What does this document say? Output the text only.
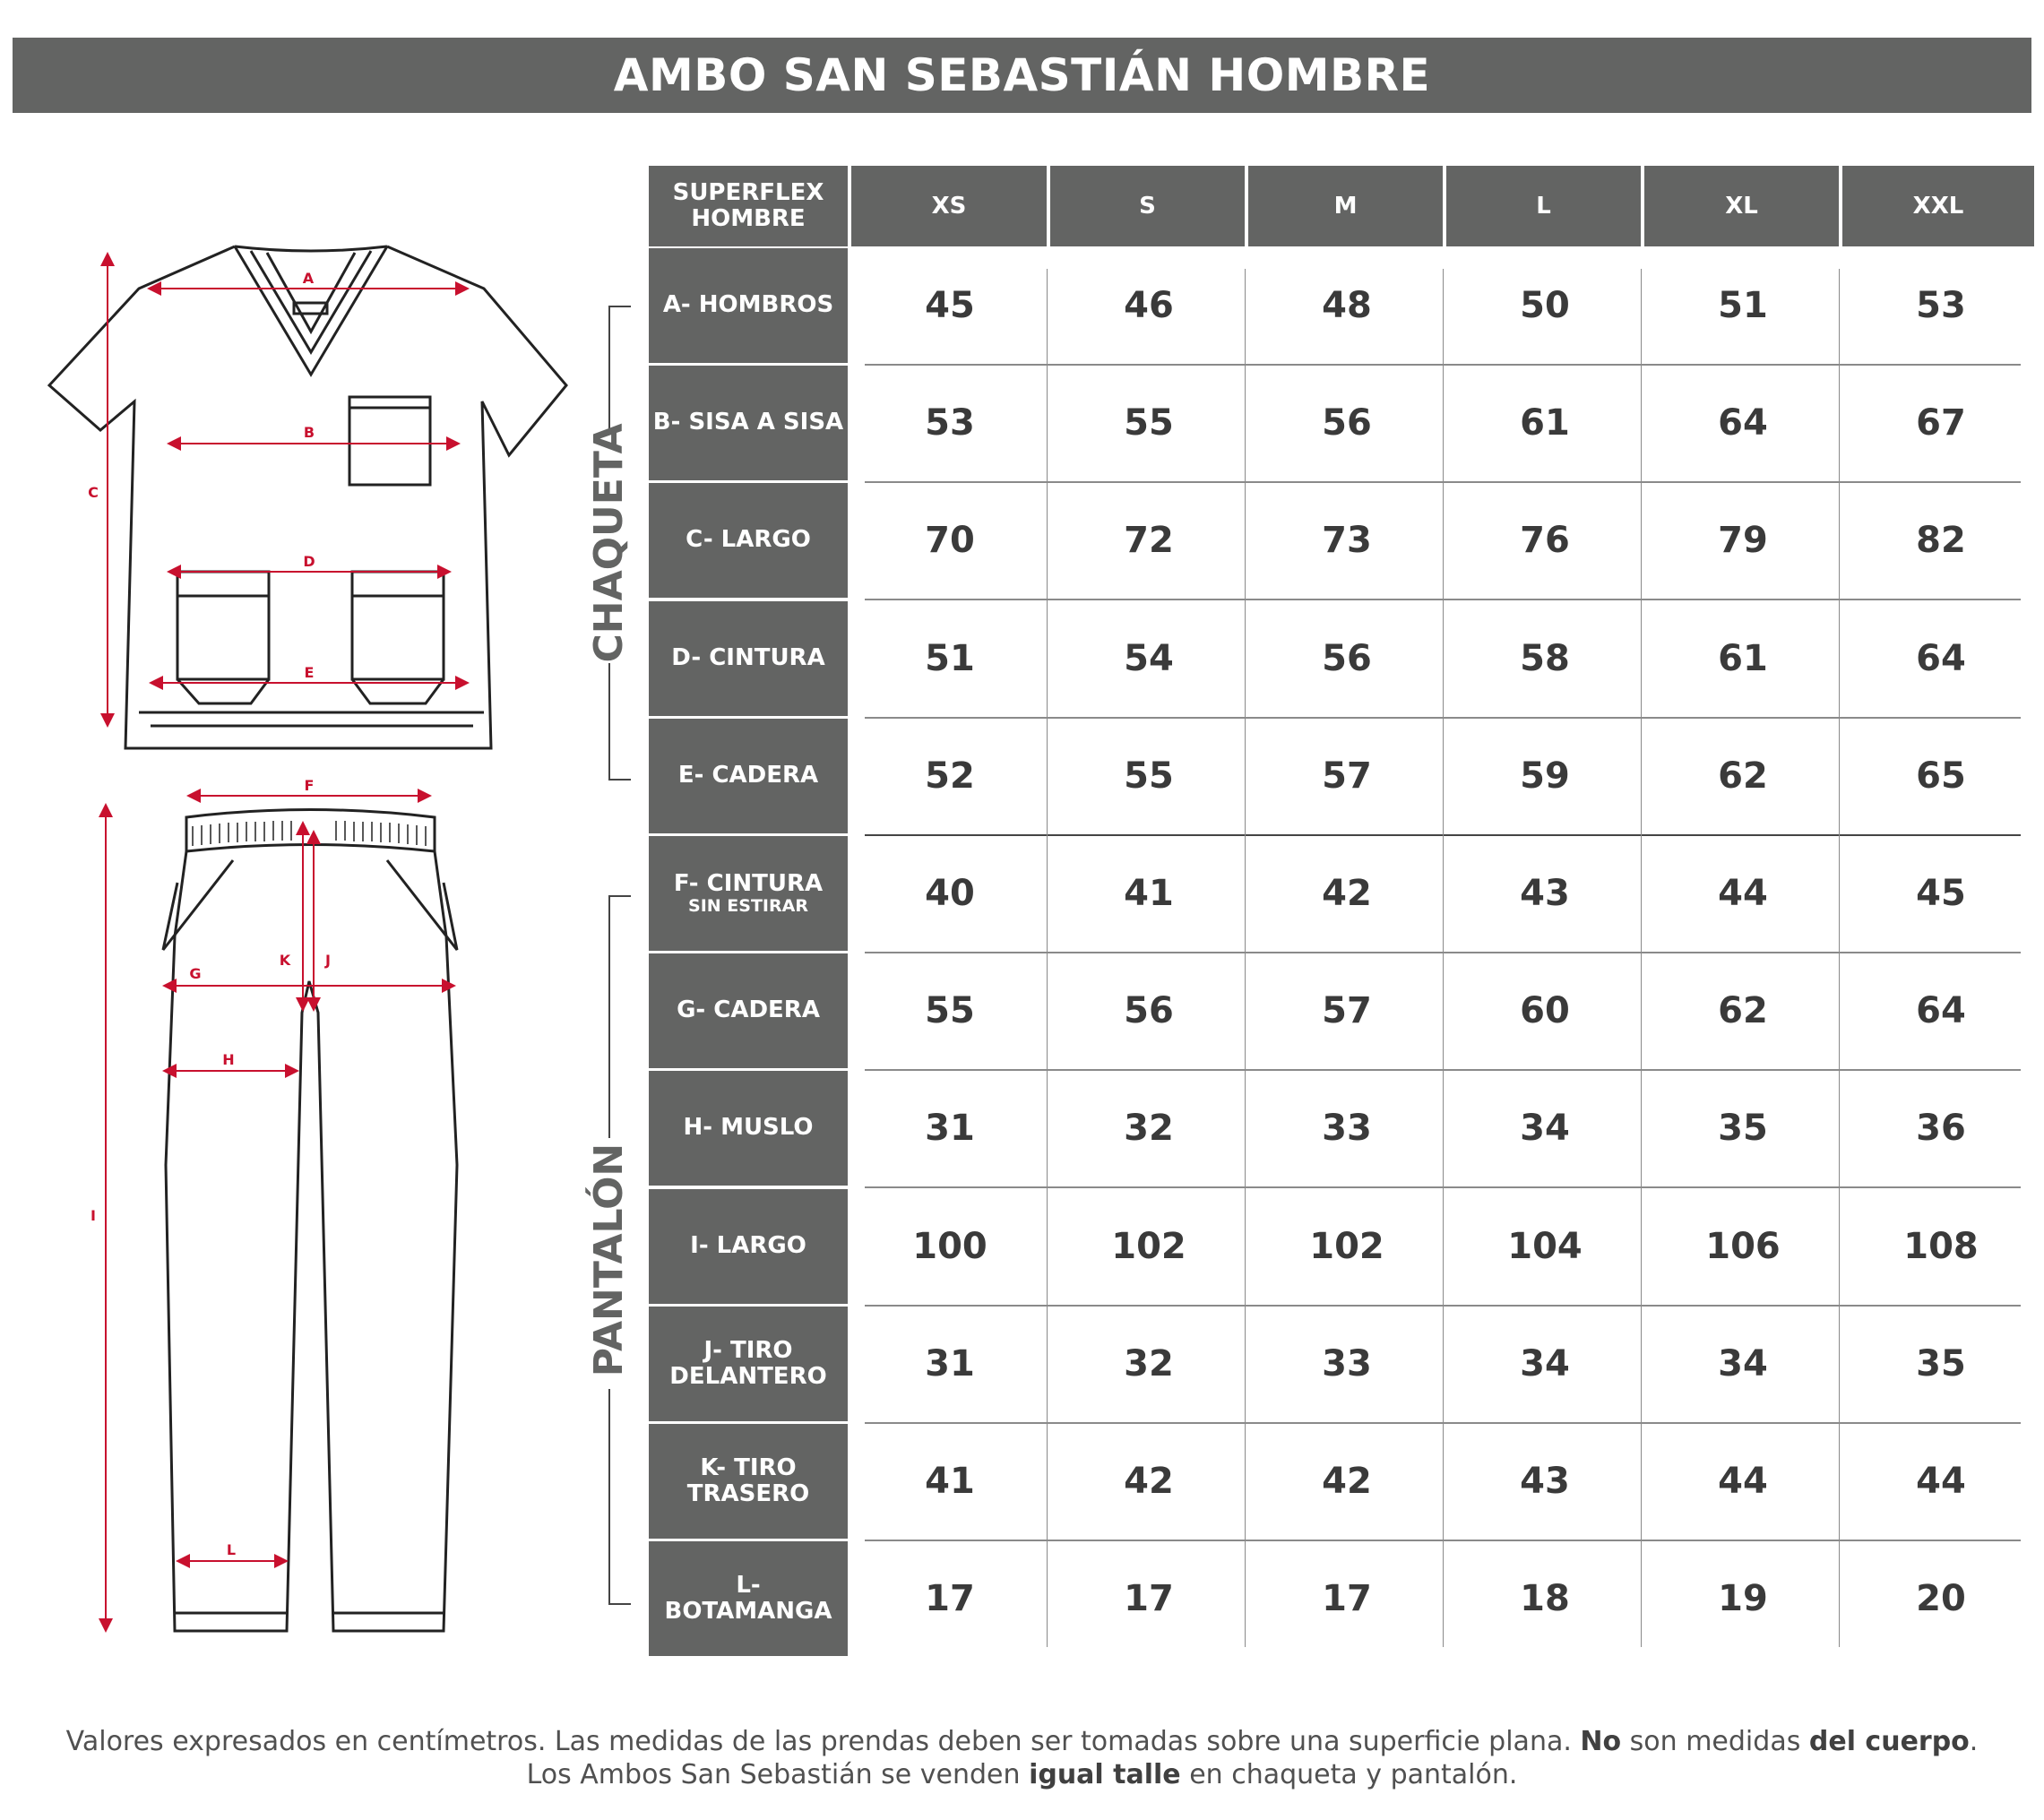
AMBO SAN SEBASTIÁN HOMBRE
A
B
C
D
E
F
G
H
I
J
K
L
CHAQUETA
PANTALÓN
SUPERFLEX
HOMBRE	XS	S	M	L	XL	XXL
A- HOMBROS	45	46	48	50	51	53
B- SISA A SISA	53	55	56	61	64	67
C- LARGO	70	72	73	76	79	82
D- CINTURA	51	54	56	58	61	64
E- CADERA	52	55	57	59	62	65
F- CINTURA
SIN ESTIRAR	40	41	42	43	44	45
G- CADERA	55	56	57	60	62	64
H- MUSLO	31	32	33	34	35	36
I- LARGO	100	102	102	104	106	108
J- TIRO
DELANTERO	31	32	33	34	34	35
K- TIRO
TRASERO	41	42	42	43	44	44
L- BOTAMANGA	17	17	17	18	19	20
Valores expresados en centímetros. Las medidas de las prendas deben ser tomadas sobre una superficie plana. No son medidas del cuerpo.
Los Ambos San Sebastián se venden igual talle en chaqueta y pantalón.
